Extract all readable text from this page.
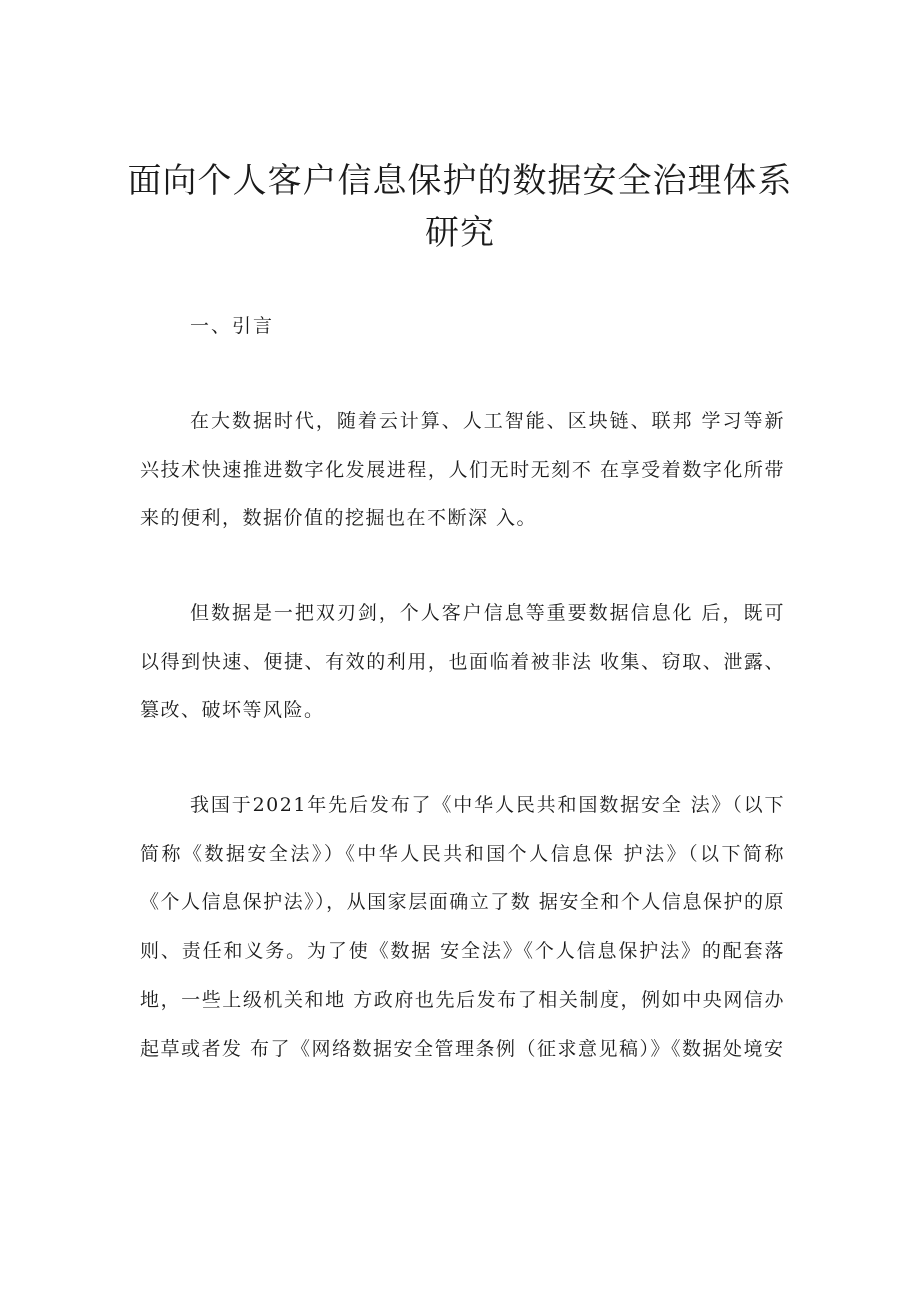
面向个人客户信息保护的数据安全治理体系研究
一、引言

在大数据时代，随着云计算、人工智能、区块链、联邦 学习等新兴技术快速推进数字化发展进程，人们无时无刻不 在享受着数字化所带来的便利，数据价值的挖掘也在不断深 入。

但数据是一把双刃剑，个人客户信息等重要数据信息化 后，既可以得到快速、便捷、有效的利用，也面临着被非法 收集、窃取、泄露、篡改、破坏等风险。

我国于2021年先后发布了《中华人民共和国数据安全 法》（以下简称《数据安全法》）《中华人民共和国个人信息保 护法》（以下简称《个人信息保护法》），从国家层面确立了数 据安全和个人信息保护的原则、责任和义务。为了使《数据 安全法》《个人信息保护法》的配套落地，一些上级机关和地 方政府也先后发布了相关制度，例如中央网信办起草或者发 布了《网络数据安全管理条例（征求意见稿）》《数据处境安
